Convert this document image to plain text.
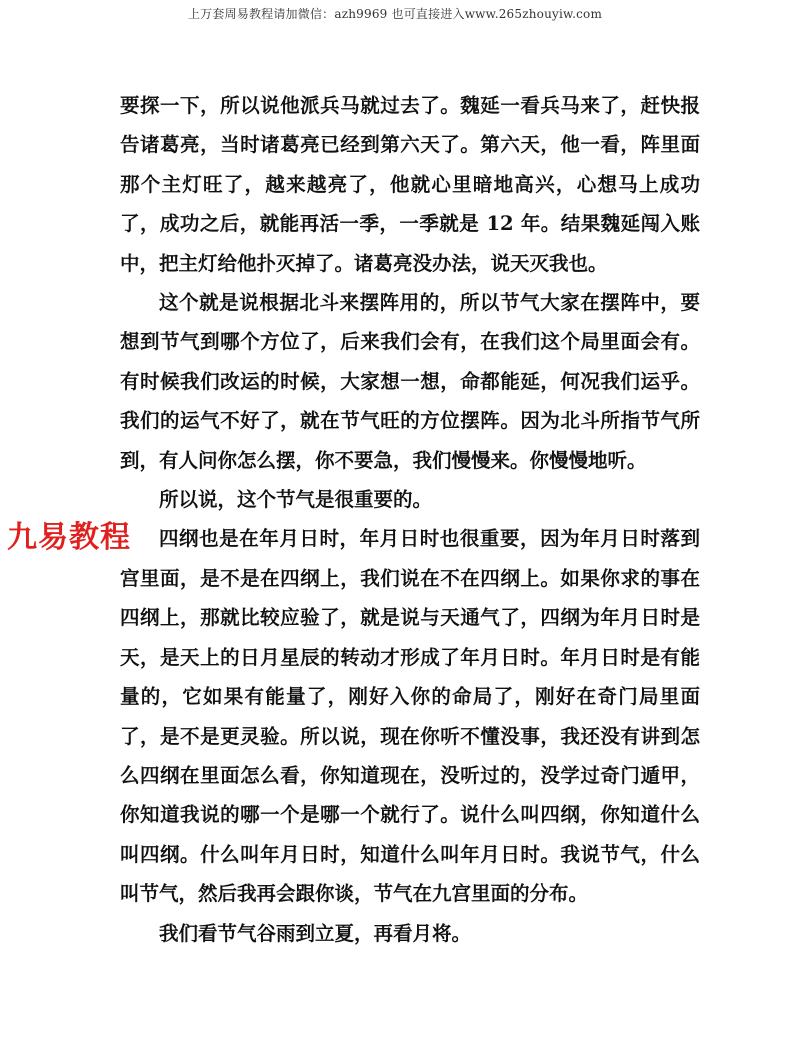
上万套周易教程请加微信：azh9969 也可直接进入www.265zhouyiw.com
九易教程

要探一下，所以说他派兵马就过去了。魏延一看兵马来了，赶快报告诸葛亮，当时诸葛亮已经到第六天了。第六天，他一看，阵里面那个主灯旺了，越来越亮了，他就心里暗地高兴，心想马上成功了，成功之后，就能再活一季，一季就是 12 年。结果魏延闯入账中，把主灯给他扑灭掉了。诸葛亮没办法，说天灭我也。

这个就是说根据北斗来摆阵用的，所以节气大家在摆阵中，要想到节气到哪个方位了，后来我们会有，在我们这个局里面会有。有时候我们改运的时候，大家想一想，命都能延，何况我们运乎。我们的运气不好了，就在节气旺的方位摆阵。因为北斗所指节气所到，有人问你怎么摆，你不要急，我们慢慢来。你慢慢地听。

所以说，这个节气是很重要的。

四纲也是在年月日时，年月日时也很重要，因为年月日时落到宫里面，是不是在四纲上，我们说在不在四纲上。如果你求的事在四纲上，那就比较应验了，就是说与天通气了，四纲为年月日时是天，是天上的日月星辰的转动才形成了年月日时。年月日时是有能量的，它如果有能量了，刚好入你的命局了，刚好在奇门局里面了，是不是更灵验。所以说，现在你听不懂没事，我还没有讲到怎么四纲在里面怎么看，你知道现在，没听过的，没学过奇门遁甲，你知道我说的哪一个是哪一个就行了。说什么叫四纲，你知道什么叫四纲。什么叫年月日时，知道什么叫年月日时。我说节气，什么叫节气，然后我再会跟你谈，节气在九宫里面的分布。

我们看节气谷雨到立夏，再看月将。
